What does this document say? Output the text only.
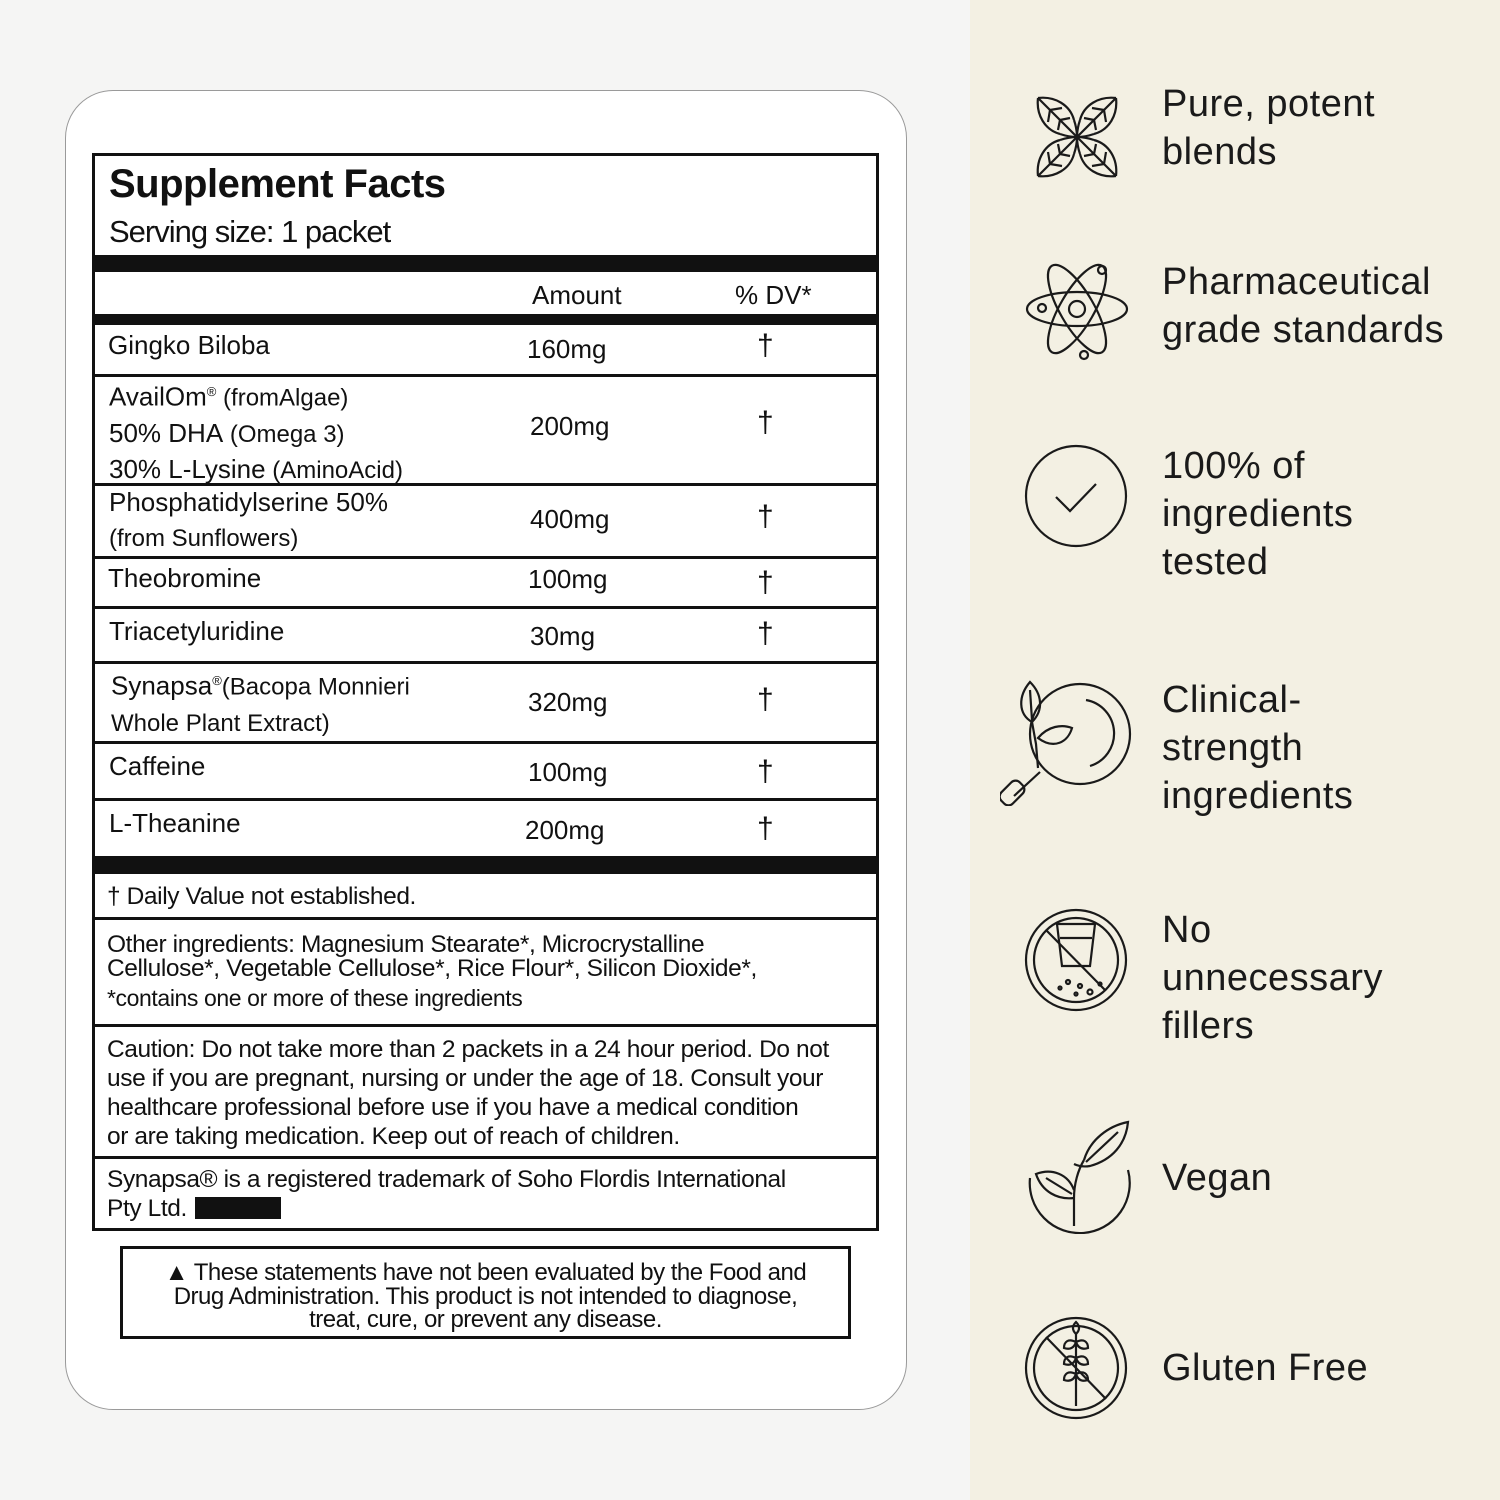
Supplement Facts
Serving size: 1 packet
Amount	% DV*
Gingko Biloba	160mg	†
AvailOm® (fromAlgae)
50% DHA (Omega 3)
30% L-Lysine (AminoAcid)
200mg	†
Phosphatidylserine 50%
(from Sunflowers)
400mg	†
Theobromine	100mg	†
Triacetyluridine	30mg	†
Synapsa®(Bacopa Monnieri
Whole Plant Extract)
320mg	†
Caffeine	100mg	†
L-Theanine	200mg	†
† Daily Value not established.
Other ingredients: Magnesium Stearate*, Microcrystalline
Cellulose*, Vegetable Cellulose*, Rice Flour*, Silicon Dioxide*,
*contains one or more of these ingredients
Caution: Do not take more than 2 packets in a 24 hour period. Do not
use if you are pregnant, nursing or under the age of 18. Consult your
healthcare professional before use if you have a medical condition
or are taking medication. Keep out of reach of children.
Synapsa® is a registered trademark of Soho Flordis International
Pty Ltd.
▲ These statements have not been evaluated by the Food and
Drug Administration. This product is not intended to diagnose,
treat, cure, or prevent any disease.
Pure, potent
blends
Pharmaceutical
grade standards
100% of
ingredients
tested
Clinical-
strength
ingredients
No
unnecessary
fillers
Vegan
Gluten Free
